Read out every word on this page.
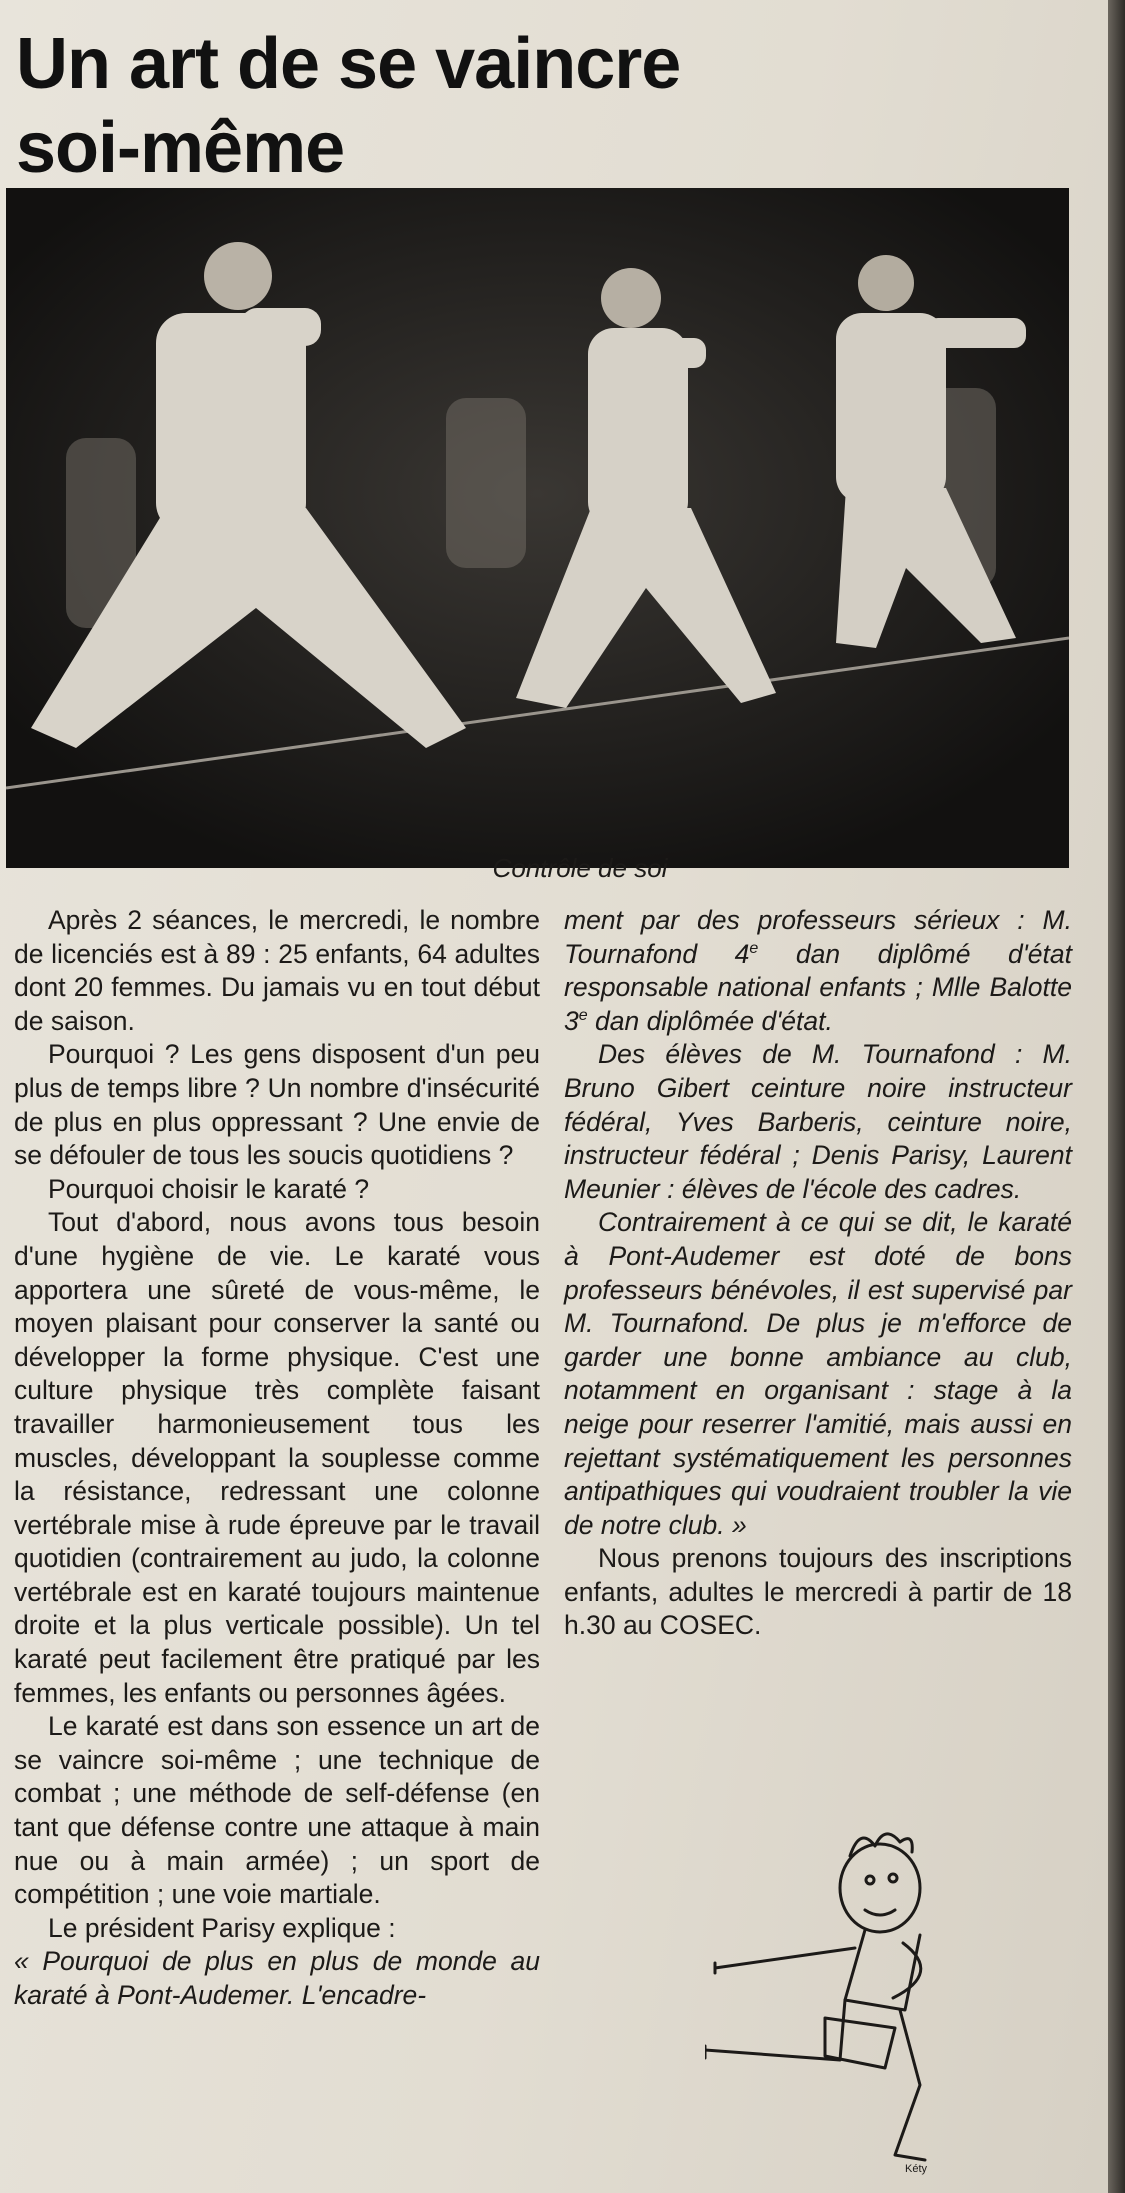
Un art de se vaincre
soi-même
Contrôle de soi

Après 2 séances, le mercredi, le nombre de licenciés est à 89 : 25 enfants, 64 adultes dont 20 femmes. Du jamais vu en tout début de saison.

Pourquoi ? Les gens disposent d'un peu plus de temps libre ? Un nombre d'insécurité de plus en plus oppressant ? Une envie de se défouler de tous les soucis quotidiens ?

Pourquoi choisir le karaté ?

Tout d'abord, nous avons tous besoin d'une hygiène de vie. Le karaté vous apportera une sûreté de vous-même, le moyen plaisant pour conserver la santé ou développer la forme physique. C'est une culture physique très complète faisant travailler harmonieusement tous les muscles, développant la souplesse comme la résistance, redressant une colonne vertébrale mise à rude épreuve par le travail quotidien (contrairement au judo, la colonne vertébrale est en karaté toujours maintenue droite et la plus verticale possible). Un tel karaté peut facilement être pratiqué par les femmes, les enfants ou personnes âgées.

Le karaté est dans son essence un art de se vaincre soi-même ; une technique de combat ; une méthode de self-défense (en tant que défense contre une attaque à main nue ou à main armée) ; un sport de compétition ; une voie martiale.

Le président Parisy explique :

« Pourquoi de plus en plus de monde au karaté à Pont-Audemer. L'encadre-

ment par des professeurs sérieux : M. Tournafond 4e dan diplômé d'état responsable national enfants ; Mlle Balotte 3e dan diplômée d'état.

Des élèves de M. Tournafond : M. Bruno Gibert ceinture noire instructeur fédéral, Yves Barberis, ceinture noire, instructeur fédéral ; Denis Parisy, Laurent Meunier : élèves de l'école des cadres.

Contrairement à ce qui se dit, le karaté à Pont-Audemer est doté de bons professeurs bénévoles, il est supervisé par M. Tournafond. De plus je m'efforce de garder une bonne ambiance au club, notamment en organisant : stage à la neige pour reserrer l'amitié, mais aussi en rejettant systématiquement les personnes antipathiques qui voudraient troubler la vie de notre club. »

Nous prenons toujours des inscriptions enfants, adultes le mercredi à partir de 18 h.30 au COSEC.

Kéty
